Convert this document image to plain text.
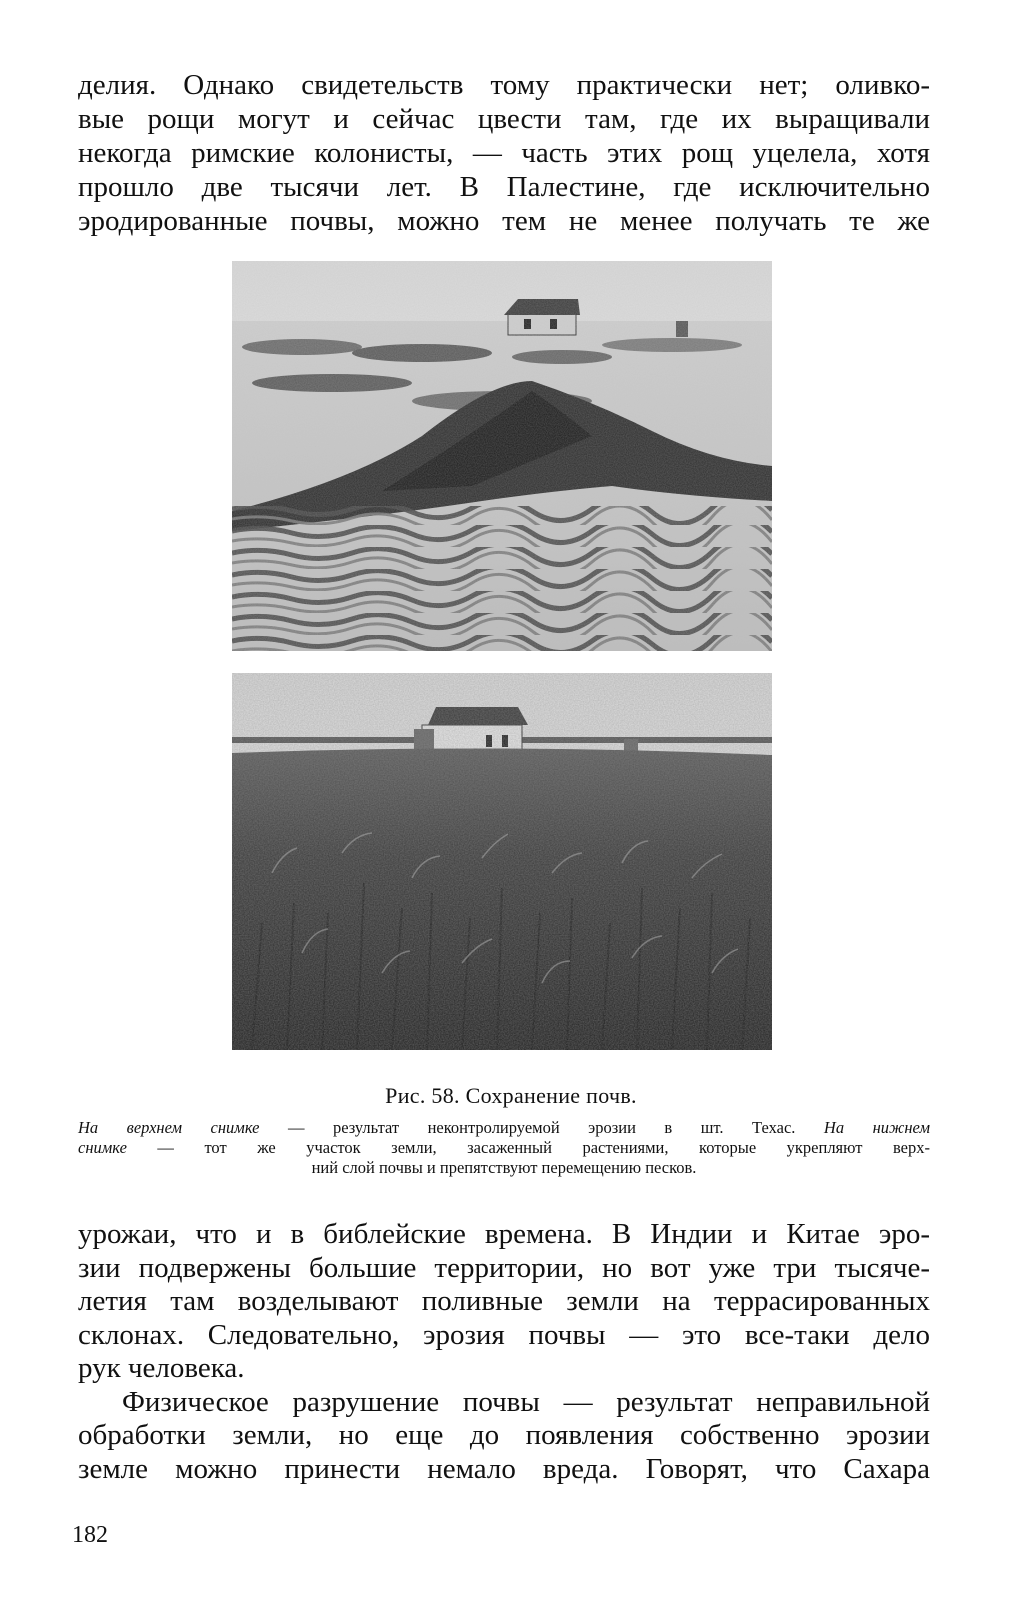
делия. Однако свидетельств тому практически нет; оливко-
вые рощи могут и сейчас цвести там, где их выращивали
некогда римские колонисты, — часть этих рощ уцелела, хотя
прошло две тысячи лет. В Палестине, где исключительно
эродированные почвы, можно тем не менее получать те же
Рис. 58. Сохранение почв.
На верхнем снимке — результат неконтролируемой эрозии в шт. Техас. На нижнем
снимке — тот же участок земли, засаженный растениями, которые укрепляют верх-
ний слой почвы и препятствуют перемещению песков.
урожаи, что и в библейские времена. В Индии и Китае эро-
зии подвержены большие территории, но вот уже три тысяче-
летия там возделывают поливные земли на террасированных
склонах. Следовательно, эрозия почвы — это все-таки дело
рук человека.
Физическое разрушение почвы — результат неправильной
обработки земли, но еще до появления собственно эрозии
земле можно принести немало вреда. Говорят, что Сахара
182
